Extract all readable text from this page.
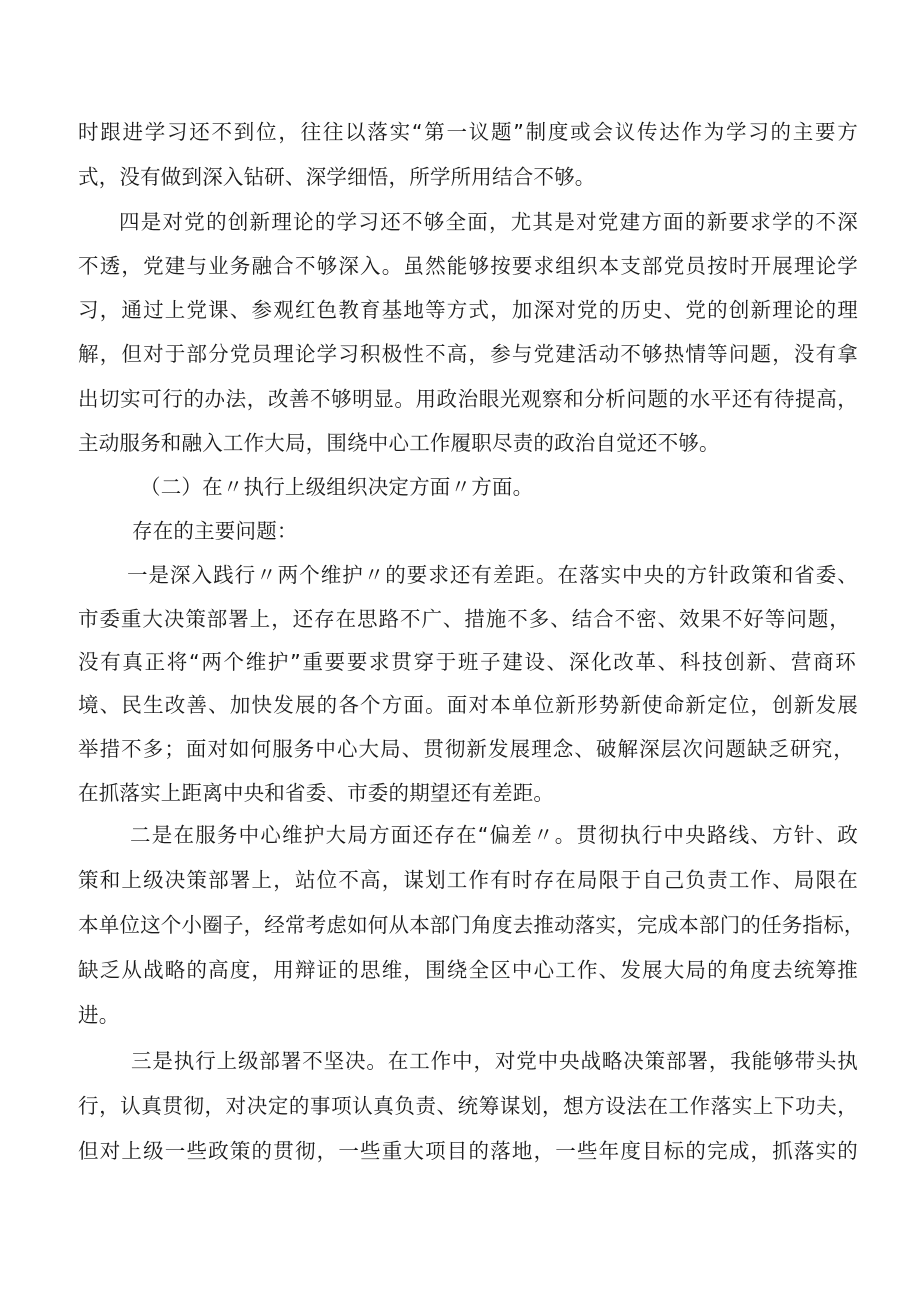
时跟进学习还不到位，往往以落实“第一议题”制度或会议传达作为学习的主要方
式，没有做到深入钻研、深学细悟，所学所用结合不够。
四是对党的创新理论的学习还不够全面，尤其是对党建方面的新要求学的不深
不透，党建与业务融合不够深入。虽然能够按要求组织本支部党员按时开展理论学
习，通过上党课、参观红色教育基地等方式，加深对党的历史、党的创新理论的理
解，但对于部分党员理论学习积极性不高，参与党建活动不够热情等问题，没有拿
出切实可行的办法，改善不够明显。用政治眼光观察和分析问题的水平还有待提高，
主动服务和融入工作大局，围绕中心工作履职尽责的政治自觉还不够。
（二）在〃执行上级组织决定方面〃方面。
存在的主要问题：
一是深入践行〃两个维护〃的要求还有差距。在落实中央的方针政策和省委、
市委重大决策部署上，还存在思路不广、措施不多、结合不密、效果不好等问题，
没有真正将“两个维护”重要要求贯穿于班子建设、深化改革、科技创新、营商环
境、民生改善、加快发展的各个方面。面对本单位新形势新使命新定位，创新发展
举措不多；面对如何服务中心大局、贯彻新发展理念、破解深层次问题缺乏研究，
在抓落实上距离中央和省委、市委的期望还有差距。
二是在服务中心维护大局方面还存在“偏差〃。贯彻执行中央路线、方针、政
策和上级决策部署上，站位不高，谋划工作有时存在局限于自己负责工作、局限在
本单位这个小圈子，经常考虑如何从本部门角度去推动落实，完成本部门的任务指标，
缺乏从战略的高度，用辩证的思维，围绕全区中心工作、发展大局的角度去统筹推
进。
三是执行上级部署不坚决。在工作中，对党中央战略决策部署，我能够带头执
行，认真贯彻，对决定的事项认真负责、统筹谋划，想方设法在工作落实上下功夫，
但对上级一些政策的贯彻，一些重大项目的落地，一些年度目标的完成，抓落实的
